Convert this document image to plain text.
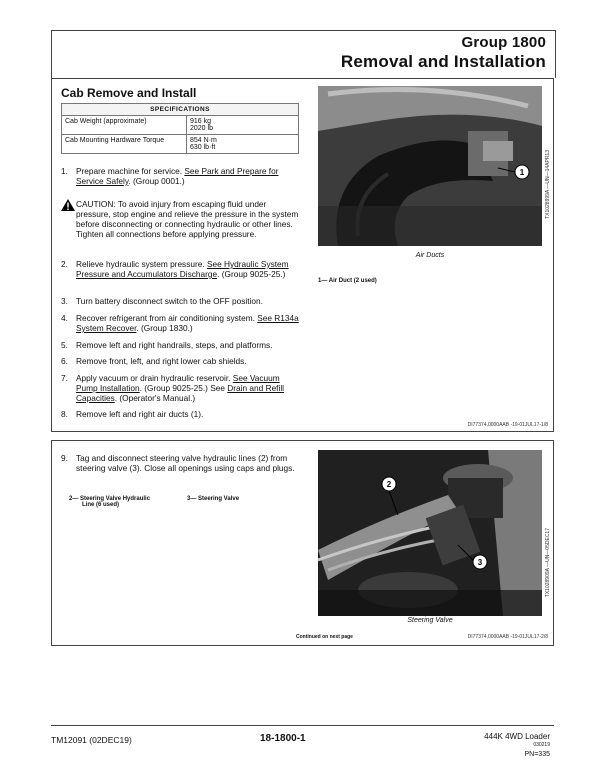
Group 1800
Removal and Installation
Cab Remove and Install
SPECIFICATIONS	
Cab Weight (approximate)	916 kg
2020 lb

Cab Mounting Hardware Torque	854 N·m
630 lb·ft
1. Prepare machine for service. See Park and Prepare for Service Safely. (Group 0001.)
CAUTION: To avoid injury from escaping fluid under pressure, stop engine and relieve the pressure in the system before disconnecting or connecting hydraulic or other lines. Tighten all connections before applying pressure.
2. Relieve hydraulic system pressure. See Hydraulic System Pressure and Accumulators Discharge. (Group 9025-25.)
3. Turn battery disconnect switch to the OFF position.
4. Recover refrigerant from air conditioning system. See R134a System Recover. (Group 1830.)
5. Remove left and right handrails, steps, and platforms.
6. Remove front, left, and right lower cab shields.
7. Apply vacuum or drain hydraulic reservoir. See Vacuum Pump Installation. (Group 9025-25.) See Drain and Refill Capacities. (Operator's Manual.)
8. Remove left and right air ducts (1).
1	TX1028999A —UN—14APR13
Air Ducts
1— Air Duct (2 used)
DI77374,0000AAB -19-01JUL17-1/8
9. Tag and disconnect steering valve hydraulic lines (2) from steering valve (3). Close all openings using caps and plugs.
2— Steering Valve Hydraulic
Line (6 used)
3— Steering Valve
2
3	TX1028909A —UN—05DEC17
Steering Valve
Continued on next page	DI77374,0000AAB -19-01JUL17-2/8
TM12091 (02DEC19)	18-1800-1	444K 4WD Loader
030219
PN=335
